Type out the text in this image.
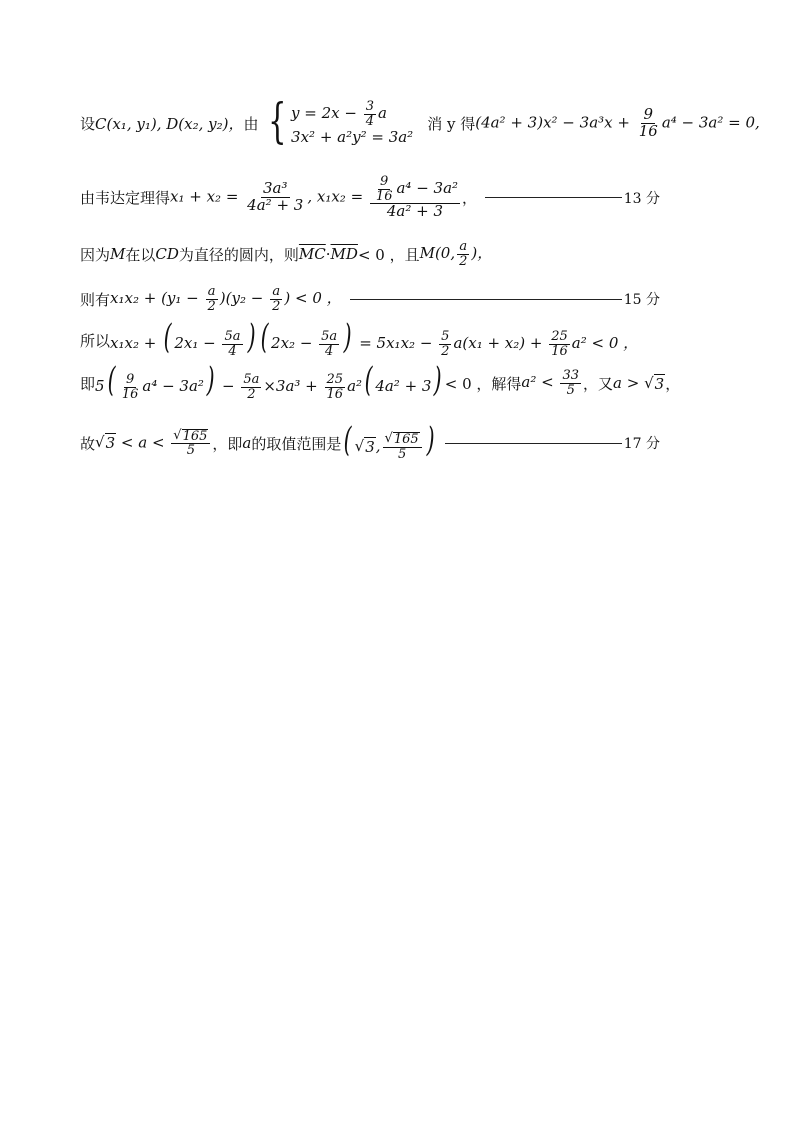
设 C(x₁, y₁), D(x₂, y₂)， 由 { $y = 2x - \frac{3}{4}$ a
3x² + a²y² = 3a²
消 y 得 $(4a^2 + 3)x^2 - 3a^3x + \frac{9}{16} a^4 - 3a^2 = 0$,
由韦达定理得 $x_1 + x_2 = \frac{\text{3a³}}{\text{4a² + 3}}$ , $x_1x_2 = \frac{\frac{9}{16} a^4 - 3a^2}{\text{4a² + 3}}$ ，	13 分
因为 M 在以 CD 为直径的圆内，则 $\overline{MC} \cdot \overline{MD} < 0$ ，且 M(0, $\frac{a}{2}$ )，
则有 $x_1x_2 + (y_1 - \frac{a}{2} )(y_2 - \frac{a}{2}$ ) < 0 ，	15 分
所以 x₁x₂ + ( $2x_1 - \frac{5a}{4}$ ) ( $2x_2 - \frac{5a}{4}$ ) = $5x_1x_2 - \frac{5}{2} a(x_1 + x_2) + \frac{25}{16} a^2 < 0$ ，
即 $5( \frac{9}{16} a^4 - 3a^2) - \frac{5a}{2} \times 3a^3 + \frac{25}{16} a^2$( 4a² + 3) < 0 ，解得 $a^2 < \frac{33}{5}$ ，又 a > √ 3 ，
故 √ $3 < a < \frac{√ 165}{5}$ ，即 a 的取值范围是 ( √ 3 , $\frac{√ 165}{5}$ )	17 分
